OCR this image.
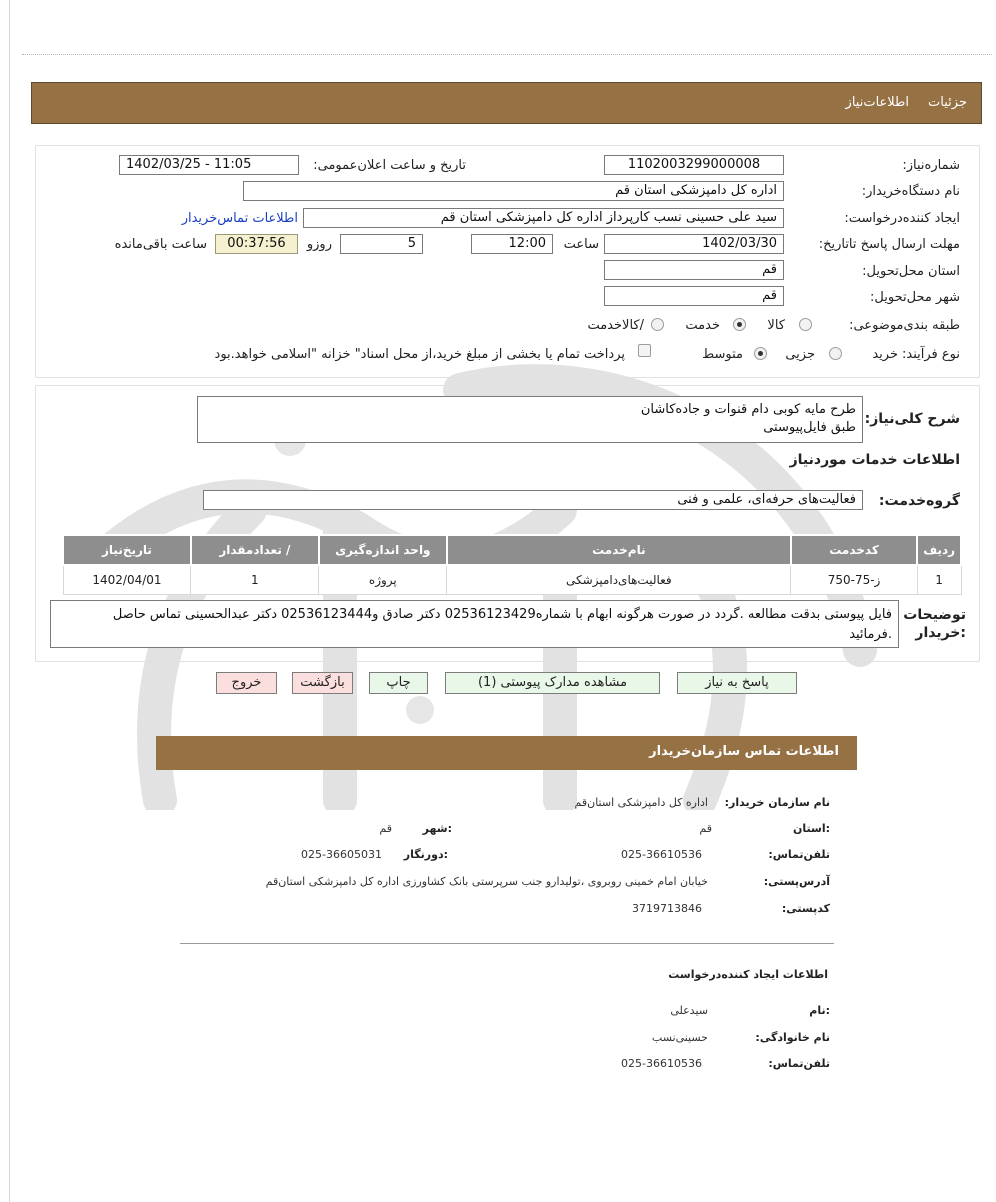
جزئیات
اطلاعات‌نیاز
شماره‌نیاز:
1102003299000008
تاریخ و ساعت اعلان‌عمومی:
1402/03/25 - 11:05
نام دستگاه‌خریدار:
اداره کل دامپزشکی استان قم
ایجاد کننده‌درخواست:
سید علی حسینی نسب کارپرداز اداره کل دامپزشکی استان قم
اطلاعات تماس‌خریدار
مهلت ارسال پاسخ تا‌تاریخ:
1402/03/30
ساعت
12:00
5
روزو
00:37:56
ساعت باقی‌مانده
استان محل‌تحویل:
قم
شهر محل‌تحویل:
قم
طبقه بندی‌موضوعی:
کالا
خدمت
/کالاخدمت
نوع فرآیند:
خرید
جزیی
متوسط
پرداخت تمام یا بخشی از مبلغ خرید،از محل اسناد" خزانه "اسلامی خواهد.بود
شرح کلی‌نیاز:
طرح مایه کوبی دام قنوات و جادەکاشان
طبق فایل‌پیوستی
اطلاعات خدمات موردنیاز
گروه‌خدمت:
فعالیت‌های حرفه‌ای، علمی و فنی
ردیف	کدخدمت	نام‌خدمت	واحد اندازه‌گیری	/ تعدادمقدار	تاریخ‌نیاز
1	ز-75-750	فعالیت‌های‌دامپزشکی	پروژه	1	1402/04/01
توضیحات
:خریدار
فایل پیوستی بدقت مطالعه .گردد در صورت هرگونه ابهام با شماره02536123429 دکتر صادق و02536123444 دکتر عبدالحسینی تماس حاصل
.فرمائید
پاسخ به نیاز
مشاهده مدارک پیوستی (1)
چاپ
بازگشت
خروج
اطلاعات تماس سازمان‌خریدار
نام سازمان خریدار:
اداره کل دامپزشکی استان‌قم
:استان
قم
:شهر
قم
تلفن‌تماس:
025-36610536
:دورنگار
025-36605031
آدرس‌پستی:
خیابان امام خمینی روبروی ،تولیدارو جنب سرپرستی بانک کشاورزی اداره کل دامپزشکی استان‌قم
کد‌پستی:
3719713846
اطلاعات ایجاد کننده‌درخواست
:نام
سیدعلی
نام خانوادگی:
حسینی‌نسب
تلفن‌تماس:
025-36610536
